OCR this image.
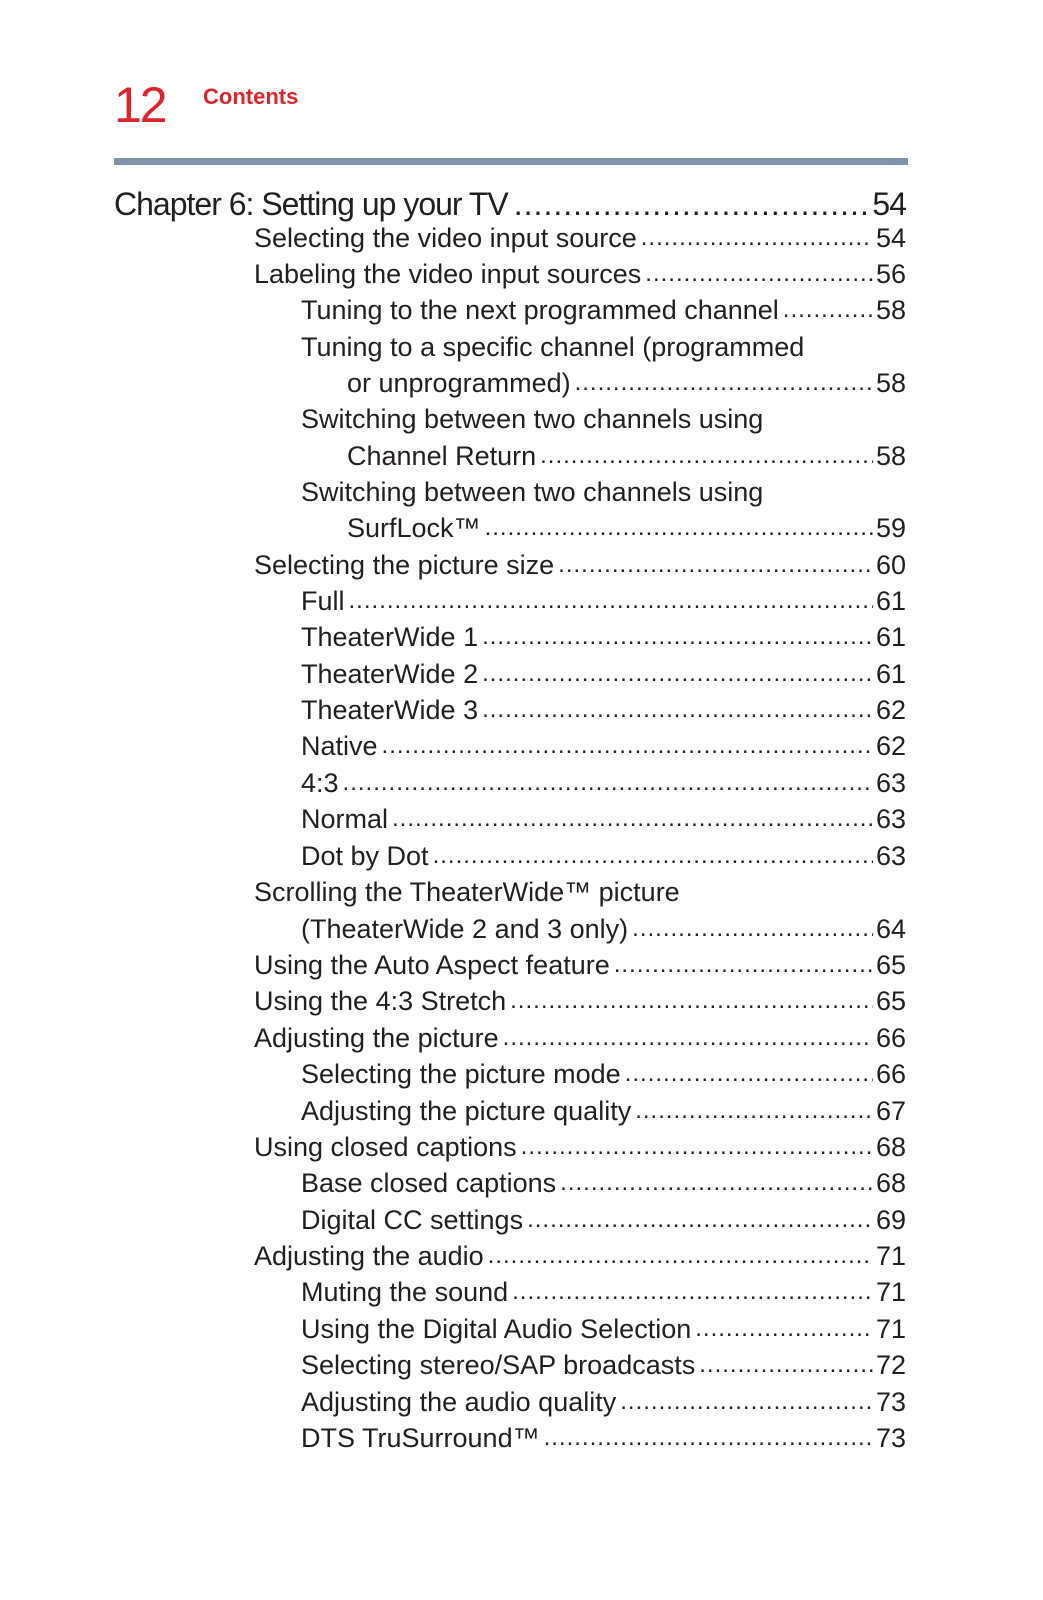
12 Contents
Chapter 6: Setting up your TV .....	54
Selecting the video input source .....	54
Labeling the video input sources .....	56
Tuning to the next programmed channel .....	58
Tuning to a specific channel (programmed
or unprogrammed) .....	58
Switching between two channels using
Channel Return .....	58
Switching between two channels using
SurfLock™ .....	59
Selecting the picture size .....	60
Full .....	61
TheaterWide 1 .....	61
TheaterWide 2 .....	61
TheaterWide 3 .....	62
Native .....	62
4:3 .....	63
Normal .....	63
Dot by Dot .....	63
Scrolling the TheaterWide™ picture
(TheaterWide 2 and 3 only) .....	64
Using the Auto Aspect feature .....	65
Using the 4:3 Stretch .....	65
Adjusting the picture .....	66
Selecting the picture mode .....	66
Adjusting the picture quality .....	67
Using closed captions .....	68
Base closed captions .....	68
Digital CC settings .....	69
Adjusting the audio .....	71
Muting the sound .....	71
Using the Digital Audio Selection .....	71
Selecting stereo/SAP broadcasts .....	72
Adjusting the audio quality .....	73
DTS TruSurround™ .....	73
